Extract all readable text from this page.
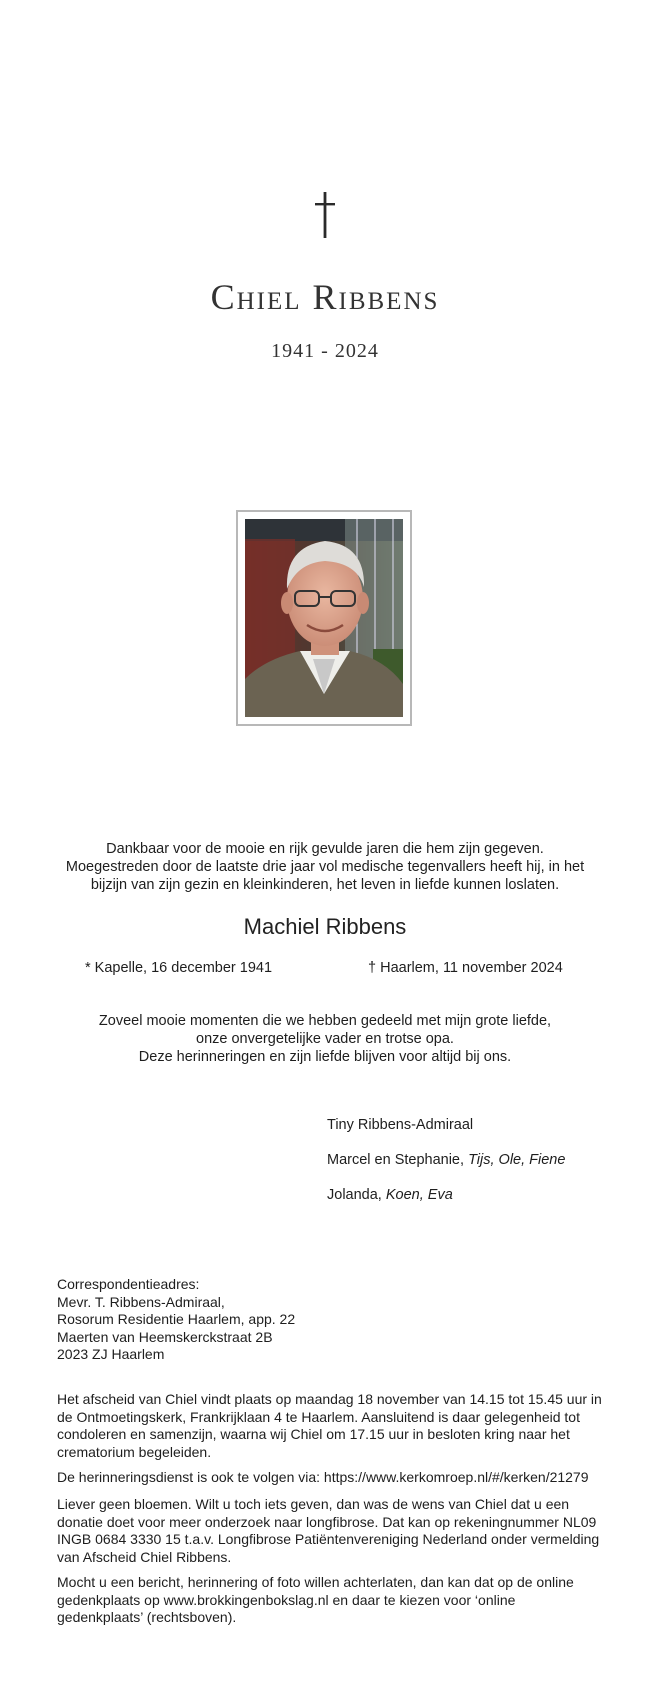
Chiel Ribbens
1941 - 2024
Dankbaar voor de mooie en rijk gevulde jaren die hem zijn gegeven.
Moegestreden door de laatste drie jaar vol medische tegenvallers heeft hij, in het
bijzijn van zijn gezin en kleinkinderen, het leven in liefde kunnen loslaten.
Machiel Ribbens
* Kapelle, 16 december 1941	† Haarlem, 11 november 2024
Zoveel mooie momenten die we hebben gedeeld met mijn grote liefde,
onze onvergetelijke vader en trotse opa.
Deze herinneringen en zijn liefde blijven voor altijd bij ons.
Tiny Ribbens-Admiraal
Marcel en Stephanie, Tijs, Ole, Fiene
Jolanda, Koen, Eva
Correspondentieadres:
Mevr. T. Ribbens-Admiraal,
Rosorum Residentie Haarlem, app. 22
Maerten van Heemskerckstraat 2B
2023 ZJ Haarlem
Het afscheid van Chiel vindt plaats op maandag 18 november van 14.15 tot 15.45 uur in de Ontmoetingskerk, Frankrijklaan 4 te Haarlem. Aansluitend is daar gelegenheid tot condoleren en samenzijn, waarna wij Chiel om 17.15 uur in besloten kring naar het crematorium begeleiden.
De herinneringsdienst is ook te volgen via: https://www.kerkomroep.nl/#/kerken/21279
Liever geen bloemen. Wilt u toch iets geven, dan was de wens van Chiel dat u een donatie doet voor meer onderzoek naar longfibrose. Dat kan op rekeningnummer NL09 INGB 0684 3330 15 t.a.v. Longfibrose Patiëntenvereniging Nederland onder vermelding van Afscheid Chiel Ribbens.
Mocht u een bericht, herinnering of foto willen achterlaten, dan kan dat op de online gedenkplaats op www.brokkingenbokslag.nl en daar te kiezen voor ‘online gedenkplaats’ (rechtsboven).
